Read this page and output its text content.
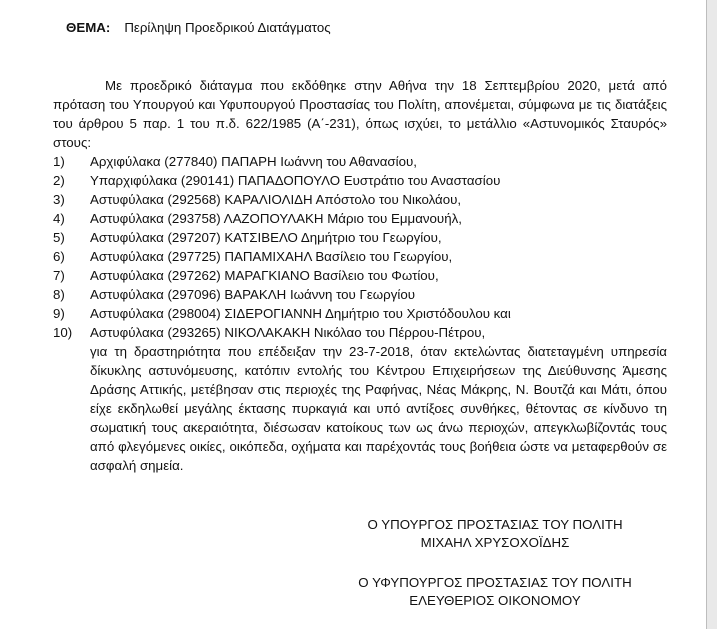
ΘΕΜΑ: Περίληψη Προεδρικού Διατάγματος

Με προεδρικό διάταγμα που εκδόθηκε στην Αθήνα την 18 Σεπτεμβρίου 2020, μετά από πρόταση του Υπουργού και Υφυπουργού Προστασίας του Πολίτη, απονέμεται, σύμφωνα με τις διατάξεις του άρθρου 5 παρ. 1 του π.δ. 622/1985 (Α΄-231), όπως ισχύει, το μετάλλιο «Αστυνομικός Σταυρός» στους:

1) Αρχιφύλακα (277840) ΠΑΠΑΡΗ Ιωάννη του Αθανασίου,
2) Υπαρχιφύλακα (290141) ΠΑΠΑΔΟΠΟΥΛΟ Ευστράτιο του Αναστασίου
3) Αστυφύλακα (292568) ΚΑΡΑΛΙΟΛΙΔΗ Απόστολο του Νικολάου,
4) Αστυφύλακα (293758) ΛΑΖΟΠΟΥΛΑΚΗ Μάριο του Εμμανουήλ,
5) Αστυφύλακα (297207) ΚΑΤΣΙΒΕΛΟ Δημήτριο του Γεωργίου,
6) Αστυφύλακα (297725) ΠΑΠΑΜΙΧΑΗΛ Βασίλειο του Γεωργίου,
7) Αστυφύλακα (297262) ΜΑΡΑΓΚΙΑΝΟ Βασίλειο του Φωτίου,
8) Αστυφύλακα (297096) ΒΑΡΑΚΛΗ Ιωάννη του Γεωργίου
9) Αστυφύλακα (298004) ΣΙΔΕΡΟΓΙΑΝΝΗ Δημήτριο του Χριστόδουλου και
10) Αστυφύλακα (293265) ΝΙΚΟΛΑΚΑΚΗ Νικόλαο του Πέρρου-Πέτρου,

για τη δραστηριότητα που επέδειξαν την 23-7-2018, όταν εκτελώντας διατεταγμένη υπηρεσία δίκυκλης αστυνόμευσης, κατόπιν εντολής του Κέντρου Επιχειρήσεων της Διεύθυνσης Άμεσης Δράσης Αττικής, μετέβησαν στις περιοχές της Ραφήνας, Νέας Μάκρης, Ν. Βουτζά και Μάτι, όπου είχε εκδηλωθεί μεγάλης έκτασης πυρκαγιά και υπό αντίξοες συνθήκες, θέτοντας σε κίνδυνο τη σωματική τους ακεραιότητα, διέσωσαν κατοίκους των ως άνω περιοχών, απεγκλωβίζοντάς τους από φλεγόμενες οικίες, οικόπεδα, οχήματα και παρέχοντάς τους βοήθεια ώστε να μεταφερθούν σε ασφαλή σημεία.

Ο ΥΠΟΥΡΓΟΣ ΠΡΟΣΤΑΣΙΑΣ ΤΟΥ ΠΟΛΙΤΗ
ΜΙΧΑΗΛ ΧΡΥΣΟΧΟΪΔΗΣ
Ο ΥΦΥΠΟΥΡΓΟΣ ΠΡΟΣΤΑΣΙΑΣ ΤΟΥ ΠΟΛΙΤΗ
ΕΛΕΥΘΕΡΙΟΣ ΟΙΚΟΝΟΜΟΥ
